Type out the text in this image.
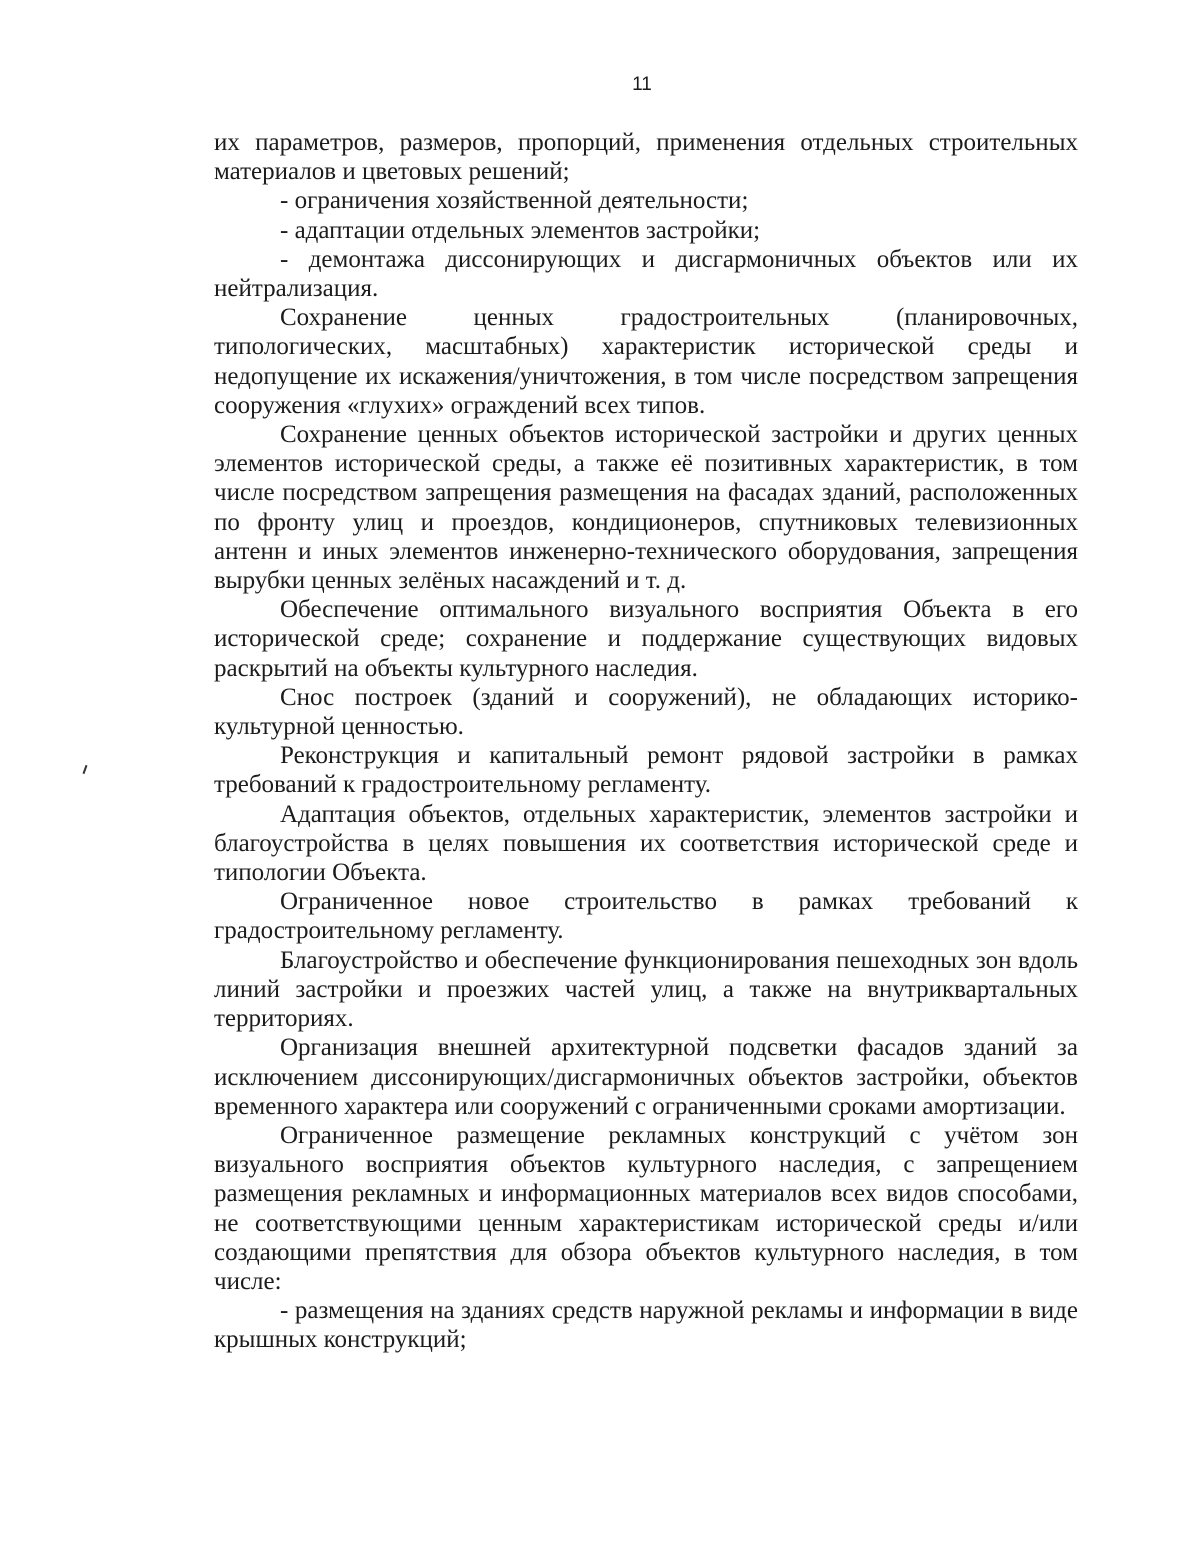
11

их параметров, размеров, пропорций, применения отдельных строительных материалов и цветовых решений;

- ограничения хозяйственной деятельности;

- адаптации отдельных элементов застройки;

- демонтажа диссонирующих и дисгармоничных объектов или их нейтрализация.

Сохранение ценных градостроительных (планировочных, типологических, масштабных) характеристик исторической среды и недопущение их искажения/уничтожения, в том числе посредством запрещения сооружения «глухих» ограждений всех типов.

Сохранение ценных объектов исторической застройки и других ценных элементов исторической среды, а также её позитивных характеристик, в том числе посредством запрещения размещения на фасадах зданий, расположенных по фронту улиц и проездов, кондиционеров, спутниковых телевизионных антенн и иных элементов инженерно-технического оборудования, запрещения вырубки ценных зелёных насаждений и т. д.

Обеспечение оптимального визуального восприятия Объекта в его исторической среде; сохранение и поддержание существующих видовых раскрытий на объекты культурного наследия.

Снос построек (зданий и сооружений), не обладающих историко-культурной ценностью.

Реконструкция и капитальный ремонт рядовой застройки в рамках требований к градостроительному регламенту.

Адаптация объектов, отдельных характеристик, элементов застройки и благоустройства в целях повышения их соответствия исторической среде и типологии Объекта.

Ограниченное новое строительство в рамках требований к градостроительному регламенту.

Благоустройство и обеспечение функционирования пешеходных зон вдоль линий застройки и проезжих частей улиц, а также на внутриквартальных территориях.

Организация внешней архитектурной подсветки фасадов зданий за исключением диссонирующих/дисгармоничных объектов застройки, объектов временного характера или сооружений с ограниченными сроками амортизации.

Ограниченное размещение рекламных конструкций с учётом зон визуального восприятия объектов культурного наследия, с запрещением размещения рекламных и информационных материалов всех видов способами, не соответствующими ценным характеристикам исторической среды и/или создающими препятствия для обзора объектов культурного наследия, в том числе:

- размещения на зданиях средств наружной рекламы и информации в виде крышных конструкций;
